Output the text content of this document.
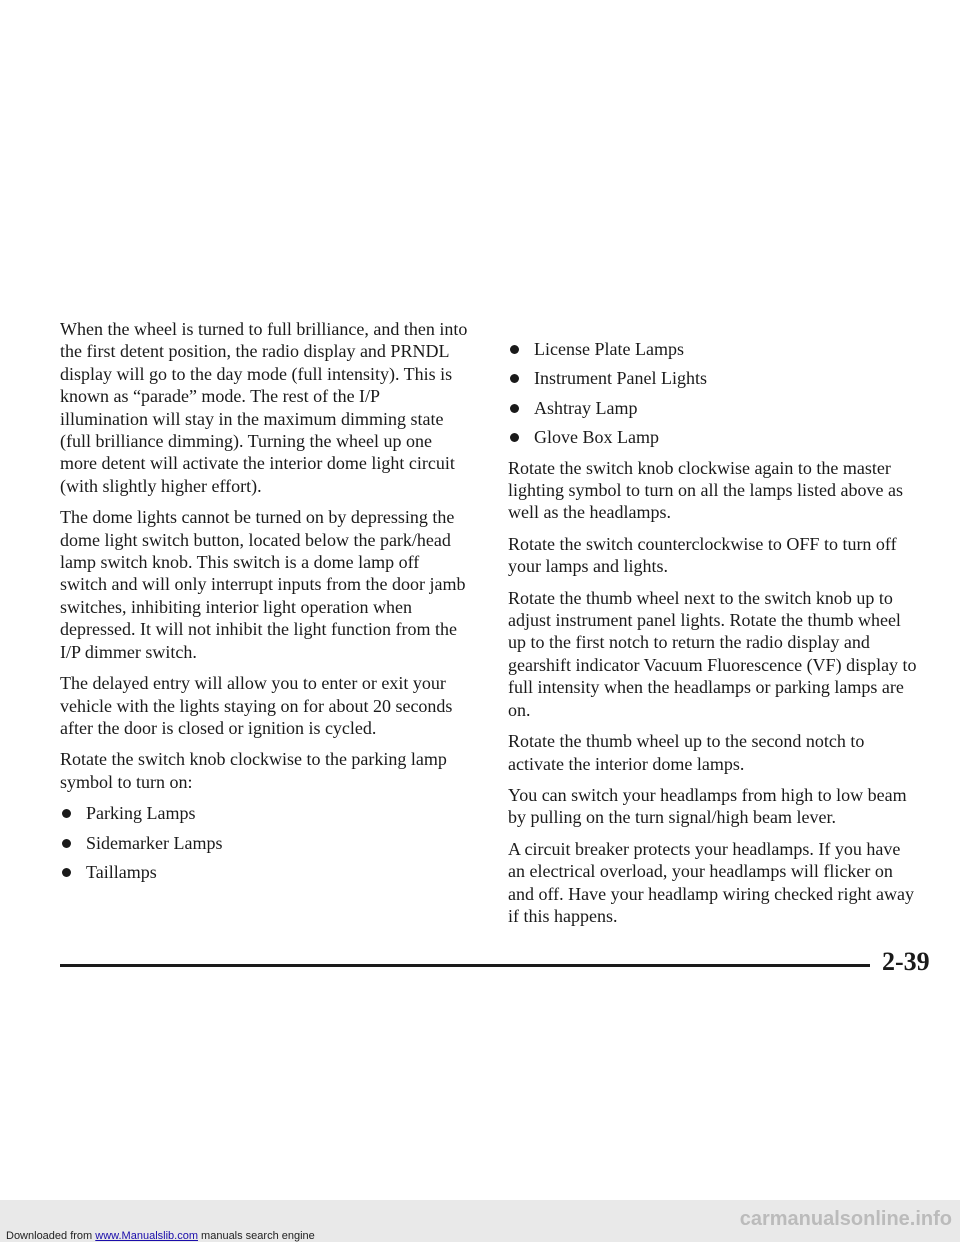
When the wheel is turned to full brilliance, and then into the first detent position, the radio display and PRNDL display will go to the day mode (full intensity). This is known as “parade” mode. The rest of the I/P illumination will stay in the maximum dimming state (full brilliance dimming). Turning the wheel up one more detent will activate the interior dome light circuit (with slightly higher effort).

The dome lights cannot be turned on by depressing the dome light switch button, located below the park/head lamp switch knob. This switch is a dome lamp off switch and will only interrupt inputs from the door jamb switches, inhibiting interior light operation when depressed. It will not inhibit the light function from the I/P dimmer switch.

The delayed entry will allow you to enter or exit your vehicle with the lights staying on for about 20 seconds after the door is closed or ignition is cycled.

Rotate the switch knob clockwise to the parking lamp symbol to turn on:

Parking Lamps
Sidemarker Lamps
Taillamps
License Plate Lamps
Instrument Panel Lights
Ashtray Lamp
Glove Box Lamp

Rotate the switch knob clockwise again to the master lighting symbol to turn on all the lamps listed above as well as the headlamps.

Rotate the switch counterclockwise to OFF to turn off your lamps and lights.

Rotate the thumb wheel next to the switch knob up to adjust instrument panel lights. Rotate the thumb wheel up to the first notch to return the radio display and gearshift indicator Vacuum Fluorescence (VF) display to full intensity when the headlamps or parking lamps are on.

Rotate the thumb wheel up to the second notch to activate the interior dome lamps.

You can switch your headlamps from high to low beam by pulling on the turn signal/high beam lever.

A circuit breaker protects your headlamps. If you have an electrical overload, your headlamps will flicker on and off. Have your headlamp wiring checked right away if this happens.

2-39
Downloaded from www.Manualslib.com manuals search engine
carmanualsonline.info
